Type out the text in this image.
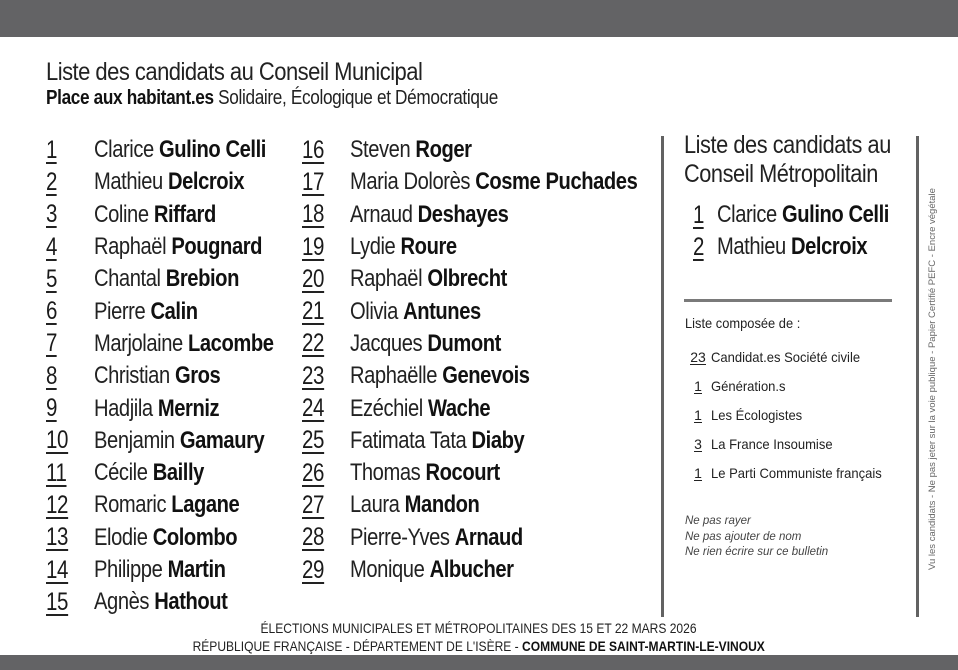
Liste des candidats au Conseil Municipal
Place aux habitant.es Solidaire, Écologique et Démocratique
1	Clarice Gulino Celli
2	Mathieu Delcroix
3	Coline Riffard
4	Raphaël Pougnard
5	Chantal Brebion
6	Pierre Calin
7	Marjolaine Lacombe
8	Christian Gros
9	Hadjila Merniz
10	Benjamin Gamaury
11	Cécile Bailly
12	Romaric Lagane
13	Elodie Colombo
14	Philippe Martin
15	Agnès Hathout
16	Steven Roger
17	Maria Dolorès Cosme Puchades
18	Arnaud Deshayes
19	Lydie Roure
20	Raphaël Olbrecht
21	Olivia Antunes
22	Jacques Dumont
23	Raphaëlle Genevois
24	Ezéchiel Wache
25	Fatimata Tata Diaby
26	Thomas Rocourt
27	Laura Mandon
28	Pierre-Yves Arnaud
29	Monique Albucher
Liste des candidats au
Conseil Métropolitain
1 Clarice Gulino Celli
2 Mathieu Delcroix
Liste composée de :
23 Candidat.es Société civile
1 Génération.s
1 Les Écologistes
3 La France Insoumise
1 Le Parti Communiste français
Ne pas rayer
Ne pas ajouter de nom
Ne rien écrire sur ce bulletin	Vu les candidats - Ne pas jeter sur la voie publique - Papier Certifié PEFC - Encre végétale
ÉLECTIONS MUNICIPALES ET MÉTROPOLITAINES DES 15 ET 22 MARS 2026
RÉPUBLIQUE FRANÇAISE - DÉPARTEMENT DE L'ISÈRE - COMMUNE DE SAINT-MARTIN-LE-VINOUX
